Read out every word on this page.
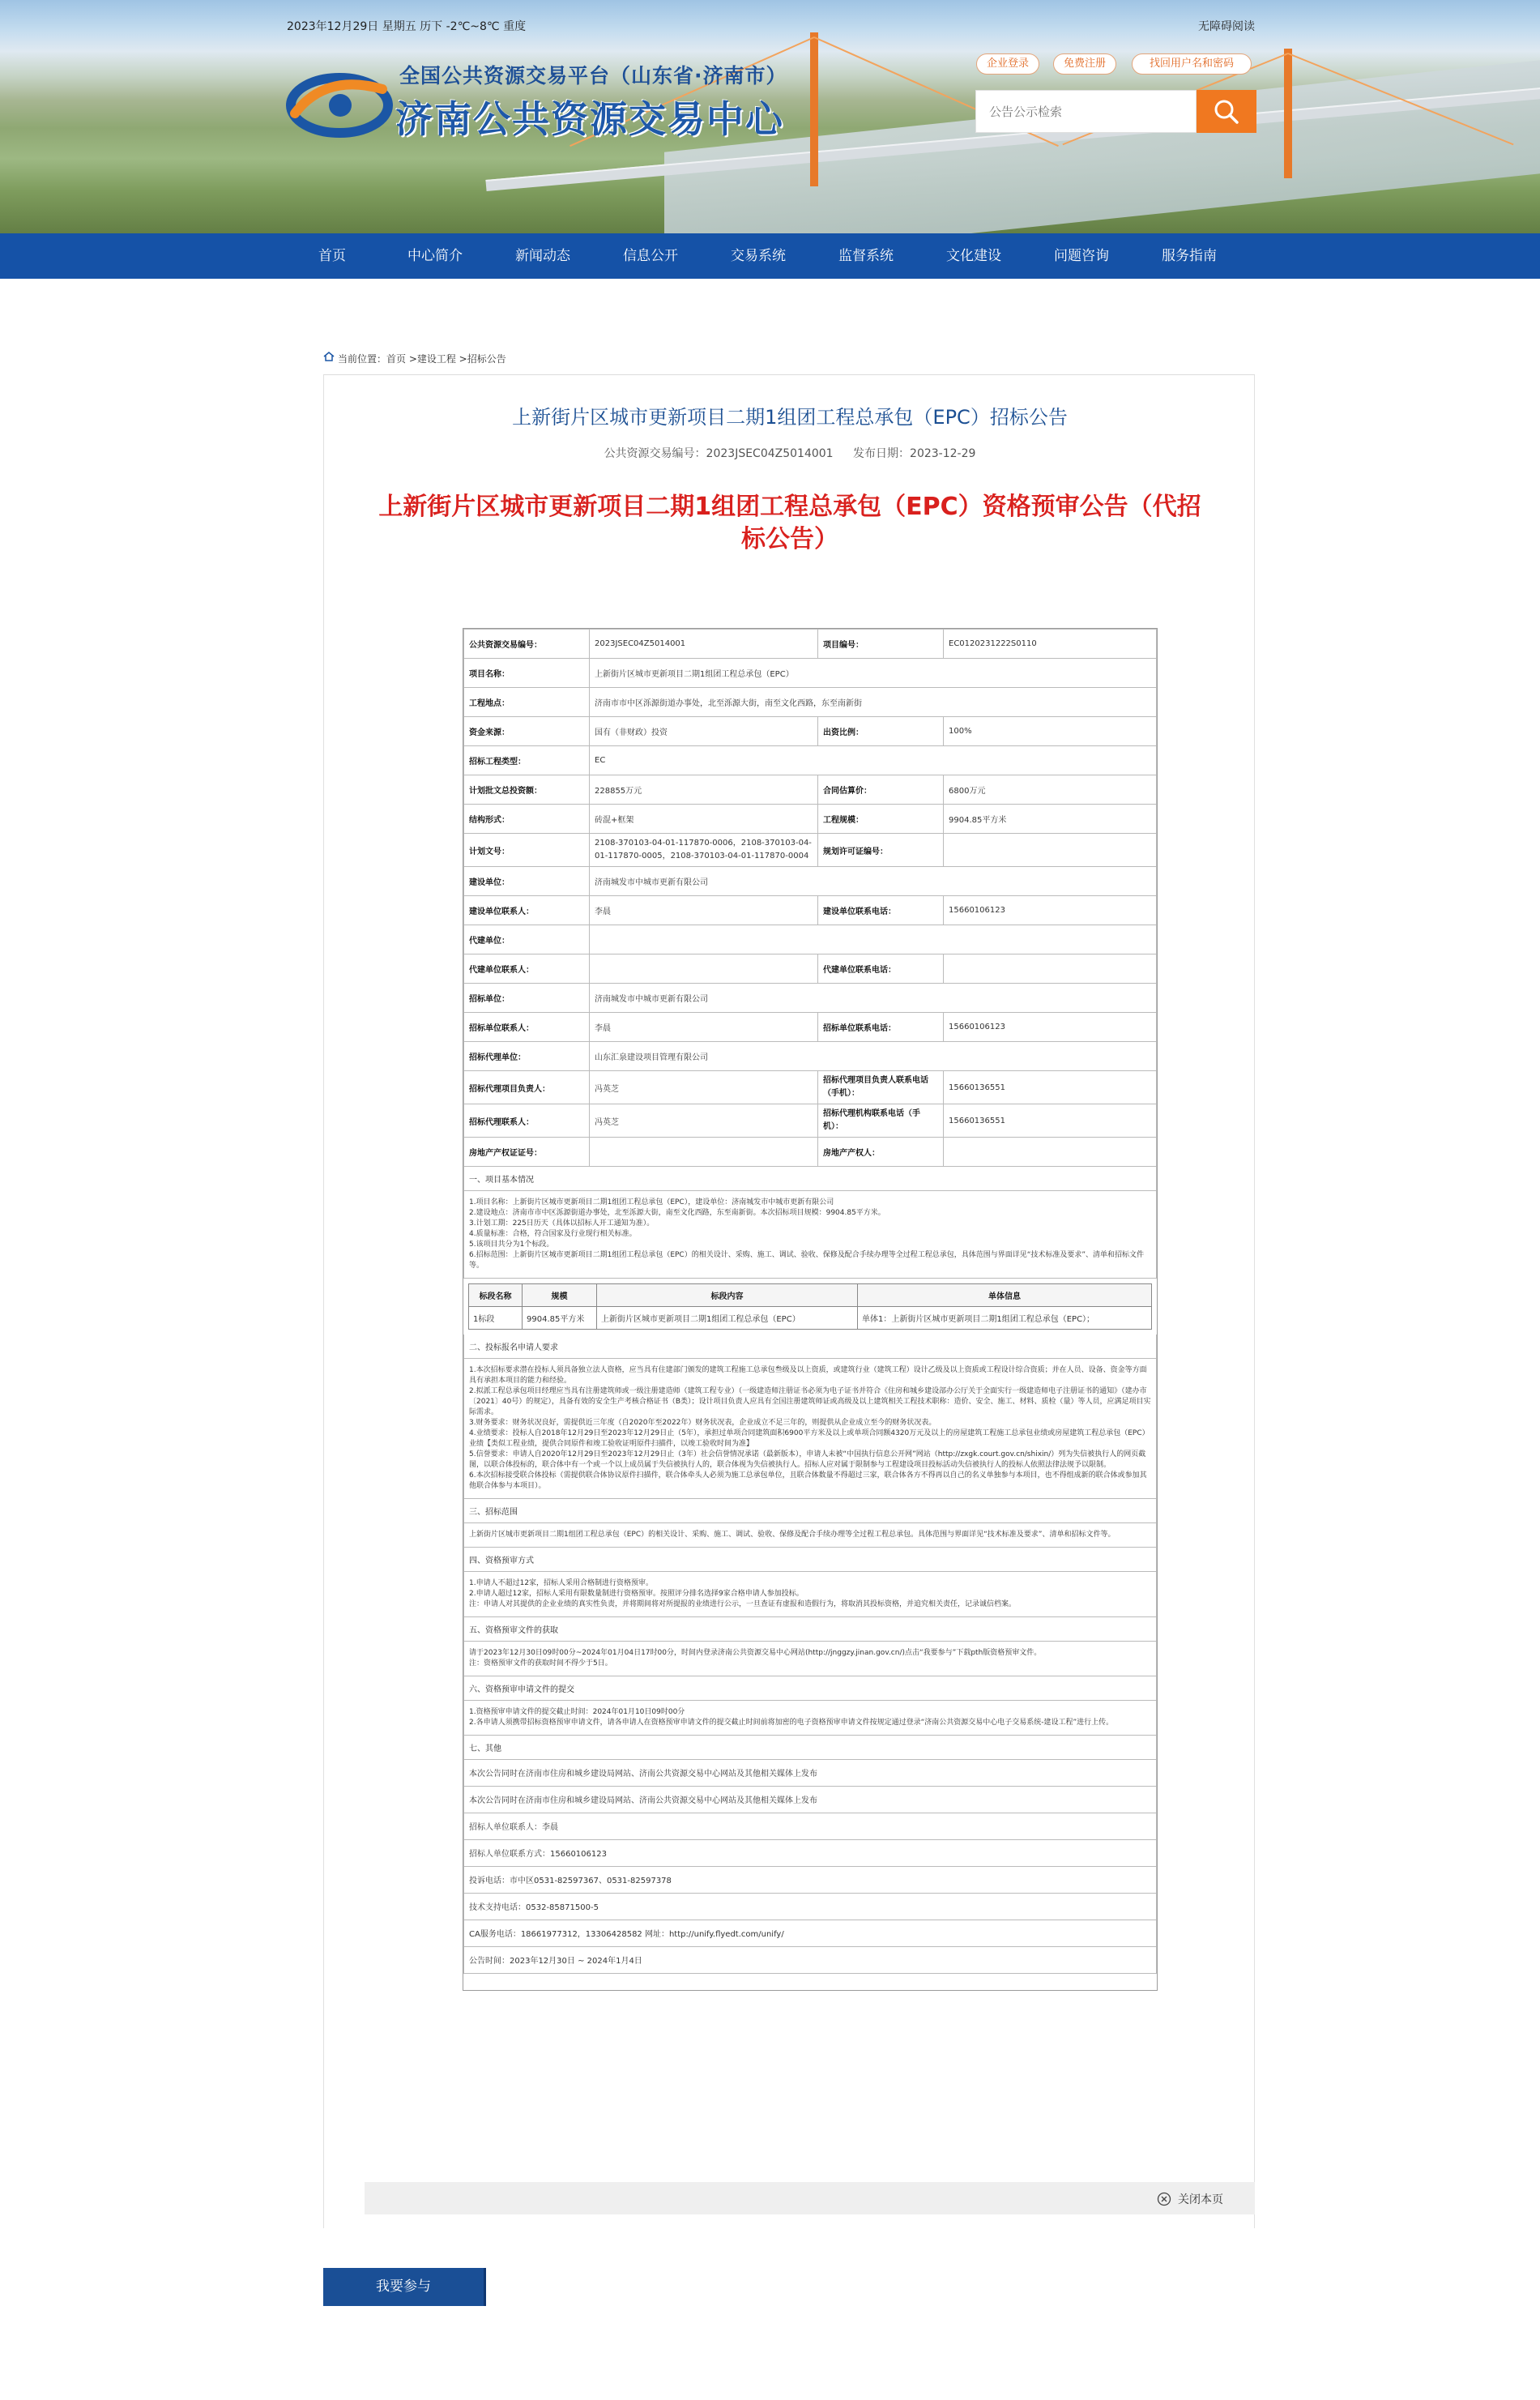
2023年12月29日 星期五 历下 -2℃~8℃ 重度	无障碍阅读
全国公共资源交易平台（山东省·济南市）
济南公共资源交易中心
企业登录	免费注册	找回用户名和密码
公告公示检索
首页	中心简介	新闻动态	信息公开	交易系统	监督系统	文化建设	问题咨询	服务指南
当前位置：首页 >建设工程 >招标公告
上新街片区城市更新项目二期1组团工程总承包（EPC）招标公告
公共资源交易编号：2023JSEC04Z5014001 发布日期：2023-12-29
上新街片区城市更新项目二期1组团工程总承包（EPC）资格预审公告（代招标公告）
公共资源交易编号：	2023JSEC04Z5014001	项目编号：	EC0120231222S0110
项目名称：	上新街片区城市更新项目二期1组团工程总承包（EPC）		
工程地点：	济南市市中区泺源街道办事处，北至泺源大街，南至文化西路，东至南新街		
资金来源：	国有（非财政）投资	出资比例：	100%
招标工程类型：	EC		
计划批文总投资额：	228855万元	合同估算价：	6800万元
结构形式：	砖混+框架	工程规模：	9904.85平方米
计划文号：	2108-370103-04-01-117870-0006，2108-370103-04-01-117870-0005，2108-370103-04-01-117870-0004	规划许可证编号：	
建设单位：	济南城发市中城市更新有限公司		
建设单位联系人：	李晨	建设单位联系电话：	15660106123
代建单位：			
代建单位联系人：		代建单位联系电话：	
招标单位：	济南城发市中城市更新有限公司		
招标单位联系人：	李晨	招标单位联系电话：	15660106123
招标代理单位：	山东汇泉建设项目管理有限公司		
招标代理项目负责人：	冯英芝	招标代理项目负责人联系电话（手机）：	15660136551
招标代理联系人：	冯英芝	招标代理机构联系电话（手机）：	15660136551
房地产产权证证号：		房地产产权人：	
一、项目基本情况

1.项目名称：上新街片区城市更新项目二期1组团工程总承包（EPC），建设单位：济南城发市中城市更新有限公司

2.建设地点：济南市市中区泺源街道办事处，北至泺源大街，南至文化西路，东至南新街。本次招标项目规模：9904.85平方米。

3.计划工期：225日历天（具体以招标人开工通知为准）。

4.质量标准：合格，符合国家及行业现行相关标准。

5.该项目共分为1个标段。

6.招标范围：上新街片区城市更新项目二期1组团工程总承包（EPC）的相关设计、采购、施工、调试、验收、保修及配合手续办理等全过程工程总承包，具体范围与界面详见“技术标准及要求”、清单和招标文件等。

标段名称	规模	标段内容	单体信息
1标段	9904.85平方米	上新街片区城市更新项目二期1组团工程总承包（EPC）	单体1：上新街片区城市更新项目二期1组团工程总承包（EPC）；
二、投标报名申请人要求

1.本次招标要求潜在投标人须具备独立法人资格，应当具有住建部门颁发的建筑工程施工总承包叁级及以上资质，或建筑行业（建筑工程）设计乙级及以上资质或工程设计综合资质；并在人员、设备、资金等方面具有承担本项目的能力和经验。

2.拟派工程总承包项目经理应当具有注册建筑师或一级注册建造师（建筑工程专业）（一级建造师注册证书必须为电子证书并符合《住房和城乡建设部办公厅关于全面实行一级建造师电子注册证书的通知》（建办市〔2021〕40号）的规定），具备有效的安全生产考核合格证书（B类）；设计项目负责人应具有全国注册建筑师证或高级及以上建筑相关工程技术职称：造价、安全、施工、材料、质检（量）等人员，应满足项目实际需求。

3.财务要求：财务状况良好，需提供近三年度（自2020年至2022年）财务状况表，企业成立不足三年的，则提供从企业成立至今的财务状况表。

4.业绩要求：投标人自2018年12月29日至2023年12月29日止（5年），承担过单项合同建筑面积6900平方米及以上或单项合同额4320万元及以上的房屋建筑工程施工总承包业绩或房屋建筑工程总承包（EPC）业绩【类似工程业绩，提供合同原件和竣工验收证明原件扫描件，以竣工验收时间为准】

5.信誉要求：申请人自2020年12月29日至2023年12月29日止（3年）社会信誉情况承诺（最新版本），申请人未被“中国执行信息公开网”网站（http://zxgk.court.gov.cn/shixin/）列为失信被执行人的网页截图，以联合体投标的，联合体中有一个或一个以上成员属于失信被执行人的，联合体视为失信被执行人。招标人应对属于限制参与工程建设项目投标活动失信被执行人的投标人依照法律法规予以限制。

6.本次招标接受联合体投标（需提供联合体协议原件扫描件，联合体牵头人必须为施工总承包单位，且联合体数量不得超过三家，联合体各方不得再以自己的名义单独参与本项目，也不得组成新的联合体或参加其他联合体参与本项目）。

三、招标范围

上新街片区城市更新项目二期1组团工程总承包（EPC）的相关设计、采购、施工、调试、验收、保修及配合手续办理等全过程工程总承包。具体范围与界面详见“技术标准及要求”、清单和招标文件等。

四、资格预审方式

1.申请人不超过12家，招标人采用合格制进行资格预审。

2.申请人超过12家，招标人采用有限数量制进行资格预审。按照评分排名选择9家合格申请人参加投标。

注：申请人对其提供的企业业绩的真实性负责，并将期间将对所提报的业绩进行公示，一旦查证有虚报和造假行为，将取消其投标资格，并追究相关责任，记录诚信档案。

五、资格预审文件的获取

请于2023年12月30日09时00分~2024年01月04日17时00分，时间内登录济南公共资源交易中心网站(http://jnggzy.jinan.gov.cn/)点击“我要参与”下载pth版资格预审文件。

注：资格预审文件的获取时间不得少于5日。

六、资格预审申请文件的提交

1.资格预审申请文件的提交截止时间：2024年01月10日09时00分

2.各申请人须携带招标资格预审申请文件，请各申请人在资格预审申请文件的提交截止时间前将加密的电子资格预审申请文件按规定通过登录“济南公共资源交易中心电子交易系统-建设工程”进行上传。

七、其他
本次公告同时在济南市住房和城乡建设局网站、济南公共资源交易中心网站及其他相关媒体上发布
本次公告同时在济南市住房和城乡建设局网站、济南公共资源交易中心网站及其他相关媒体上发布
招标人单位联系人：李晨
招标人单位联系方式：15660106123
投诉电话：市中区0531-82597367、0531-82597378
技术支持电话：0532-85871500-5
CA服务电话：18661977312，13306428582 网址：http://unify.flyedt.com/unify/
公告时间：2023年12月30日 ~ 2024年1月4日
关闭本页
我要参与
